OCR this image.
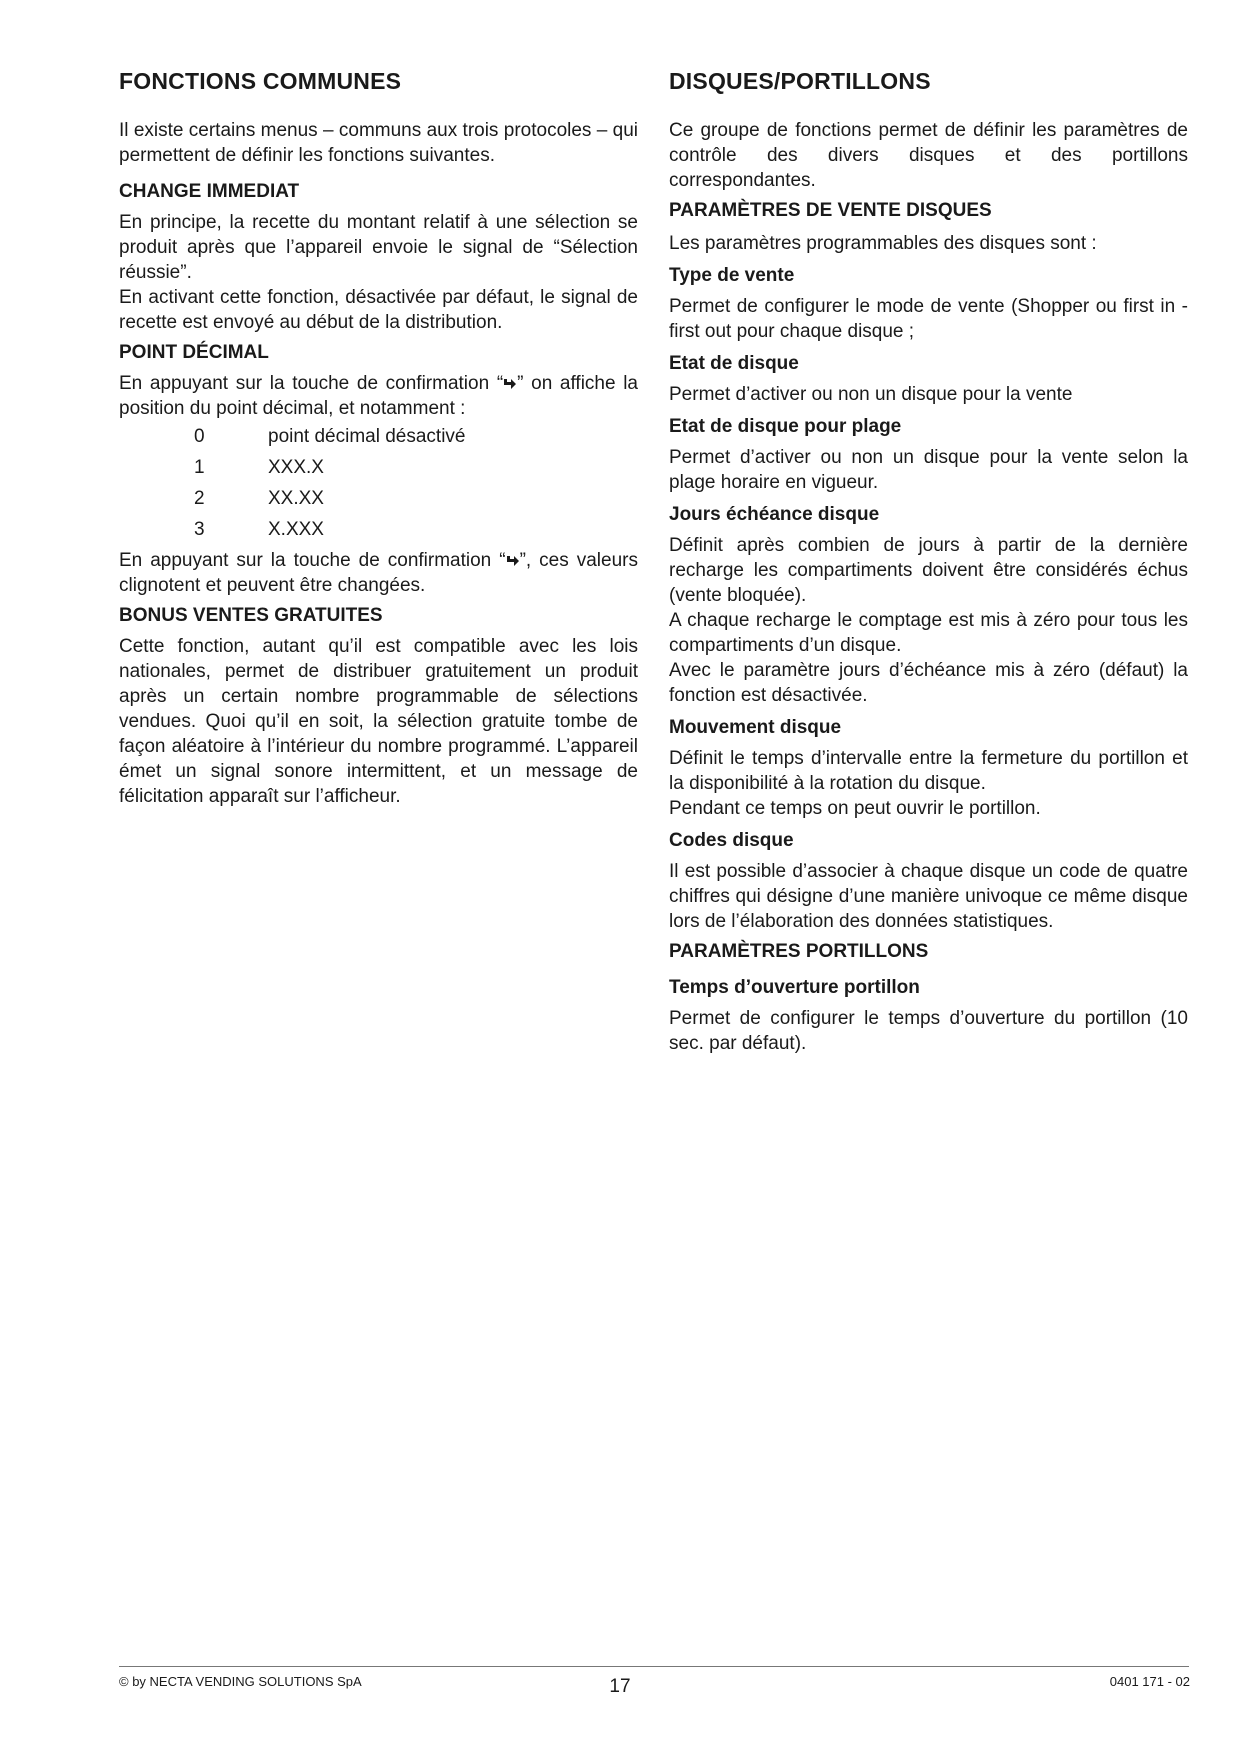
FONCTIONS COMMUNES

Il existe certains menus – communs aux trois protocoles – qui permettent de définir les fonctions suivantes.

CHANGE IMMEDIAT

En principe, la recette du montant relatif à une sélection se produit après que l’appareil envoie le signal de “Sélection réussie”.

En activant cette fonction, désactivée par défaut, le signal de recette est envoyé au début de la distribution.

POINT DÉCIMAL

En appuyant sur la touche de confirmation “ ” on affiche la position du point décimal, et notamment :

0	point décimal désactivé
1	XXX.X
2	XX.XX
3	X.XXX

En appuyant sur la touche de confirmation “ ”, ces valeurs clignotent et peuvent être changées.

BONUS VENTES GRATUITES

Cette fonction, autant qu’il est compatible avec les lois nationales, permet de distribuer gratuitement un produit après un certain nombre programmable de sélections vendues. Quoi qu’il en soit, la sélection gratuite tombe de façon aléatoire à l’intérieur du nombre programmé. L’appareil émet un signal sonore intermittent, et un message de félicitation apparaît sur l’afficheur.

DISQUES/PORTILLONS

Ce groupe de fonctions permet de définir les paramètres de contrôle des divers disques et des portillons correspondantes.

PARAMÈTRES DE VENTE DISQUES

Les paramètres programmables des disques sont :

Type de vente

Permet de configurer le mode de vente (Shopper ou first in - first out pour chaque disque ;

Etat de disque

Permet d’activer ou non un disque pour la vente

Etat de disque pour plage

Permet d’activer ou non un disque pour la vente selon la plage horaire en vigueur.

Jours échéance disque

Définit après combien de jours à partir de la dernière recharge les compartiments doivent être considérés échus (vente bloquée).

A chaque recharge le comptage est mis à zéro pour tous les compartiments d’un disque.

Avec le paramètre jours d’échéance mis à zéro (défaut) la fonction est désactivée.

Mouvement disque

Définit le temps d’intervalle entre la fermeture du portillon et la disponibilité à la rotation du disque.

Pendant ce temps on peut ouvrir le portillon.

Codes disque

Il est possible d’associer à chaque disque un code de quatre chiffres qui désigne d’une manière univoque ce même disque lors de l’élaboration des données statistiques.

PARAMÈTRES PORTILLONS
Temps d’ouverture portillon

Permet de configurer le temps d’ouverture du portillon (10 sec. par défaut).

© by NECTA VENDING SOLUTIONS SpA	17	0401 171 - 02
